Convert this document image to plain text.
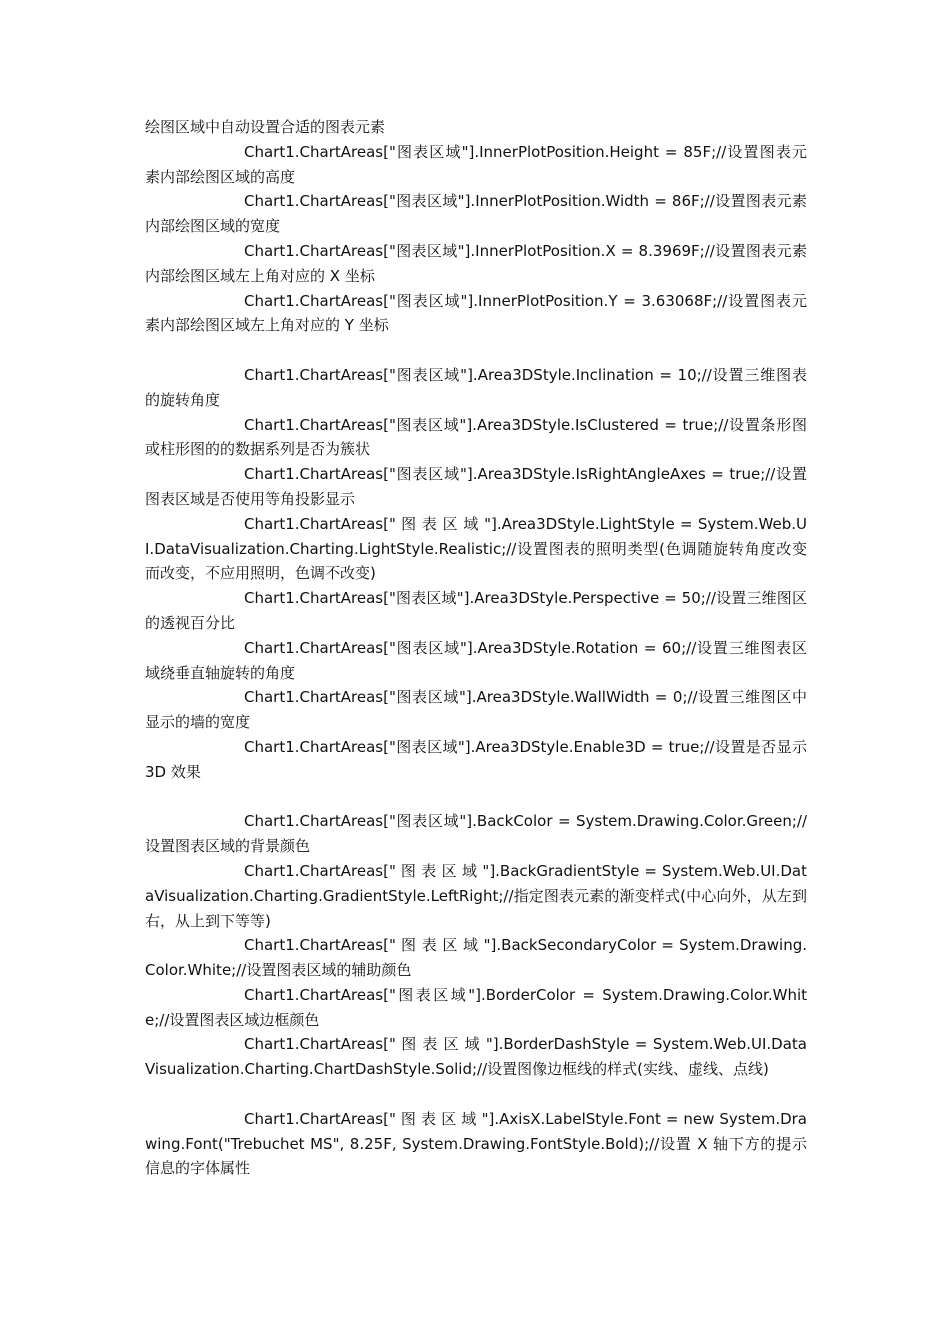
绘图区域中自动设置合适的图表元素

Chart1.ChartAreas["图表区域"].InnerPlotPosition.Height = 85F;//设置图表元素内部绘图区域的高度

Chart1.ChartAreas["图表区域"].InnerPlotPosition.Width = 86F;//设置图表元素内部绘图区域的宽度

Chart1.ChartAreas["图表区域"].InnerPlotPosition.X = 8.3969F;//设置图表元素内部绘图区域左上角对应的 X 坐标

Chart1.ChartAreas["图表区域"].InnerPlotPosition.Y = 3.63068F;//设置图表元素内部绘图区域左上角对应的 Y 坐标

Chart1.ChartAreas["图表区域"].Area3DStyle.Inclination = 10;//设置三维图表的旋转角度

Chart1.ChartAreas["图表区域"].Area3DStyle.IsClustered = true;//设置条形图或柱形图的的数据系列是否为簇状

Chart1.ChartAreas["图表区域"].Area3DStyle.IsRightAngleAxes = true;//设置图表区域是否使用等角投影显示

Chart1.ChartAreas[" 图 表 区 域 "].Area3DStyle.LightStyle = System.Web.UI.DataVisualization.Charting.LightStyle.Realistic;//设置图表的照明类型(色调随旋转角度改变而改变，不应用照明，色调不改变)

Chart1.ChartAreas["图表区域"].Area3DStyle.Perspective = 50;//设置三维图区的透视百分比

Chart1.ChartAreas["图表区域"].Area3DStyle.Rotation = 60;//设置三维图表区域绕垂直轴旋转的角度

Chart1.ChartAreas["图表区域"].Area3DStyle.WallWidth = 0;//设置三维图区中显示的墙的宽度

Chart1.ChartAreas["图表区域"].Area3DStyle.Enable3D = true;//设置是否显示 3D 效果

Chart1.ChartAreas["图表区域"].BackColor = System.Drawing.Color.Green;//设置图表区域的背景颜色

Chart1.ChartAreas[" 图 表 区 域 "].BackGradientStyle = System.Web.UI.DataVisualization.Charting.GradientStyle.LeftRight;//指定图表元素的渐变样式(中心向外，从左到右，从上到下等等)

Chart1.ChartAreas[" 图 表 区 域 "].BackSecondaryColor = System.Drawing.Color.White;//设置图表区域的辅助颜色

Chart1.ChartAreas["图表区域"].BorderColor = System.Drawing.Color.White;//设置图表区域边框颜色

Chart1.ChartAreas[" 图 表 区 域 "].BorderDashStyle = System.Web.UI.DataVisualization.Charting.ChartDashStyle.Solid;//设置图像边框线的样式(实线、虚线、点线)

Chart1.ChartAreas[" 图 表 区 域 "].AxisX.LabelStyle.Font = new System.Drawing.Font("Trebuchet MS", 8.25F, System.Drawing.FontStyle.Bold);//设置 X 轴下方的提示信息的字体属性
